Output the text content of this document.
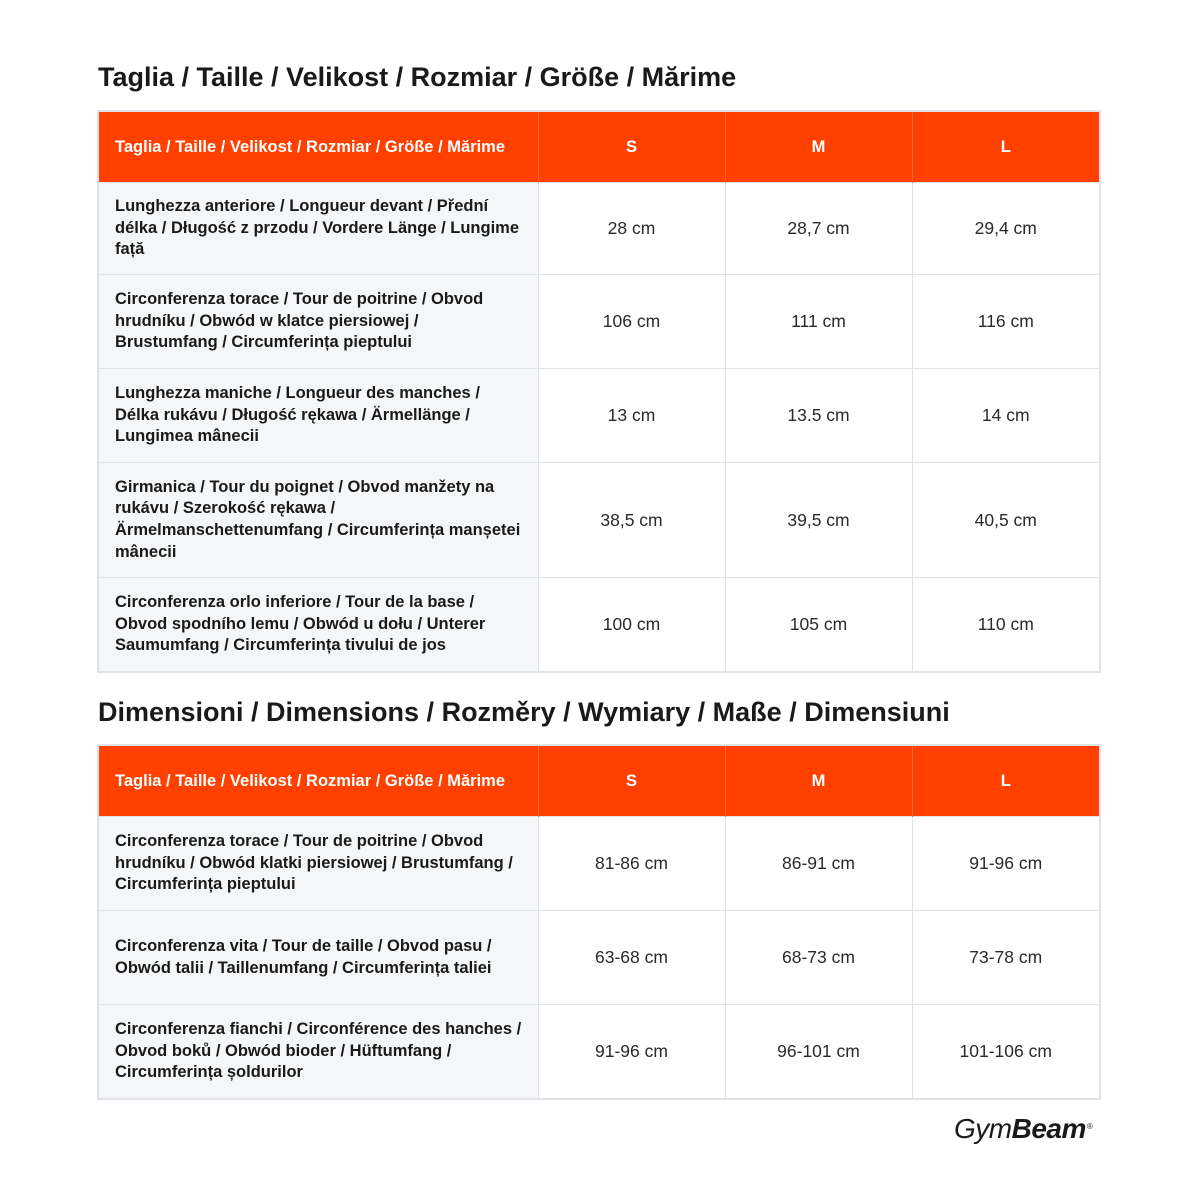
Taglia / Taille / Velikost / Rozmiar / Größe / Mărime
Taglia / Taille / Velikost / Rozmiar / Größe / Mărime	S	M	L
Lunghezza anteriore / Longueur devant / Přední délka / Długość z przodu / Vordere Länge / Lungime față	28 cm	28,7 cm	29,4 cm
Circonferenza torace / Tour de poitrine / Obvod hrudníku / Obwód w klatce piersiowej / Brustumfang / Circumferința pieptului	106 cm	111 cm	116 cm
Lunghezza maniche / Longueur des manches / Délka rukávu / Długość rękawa / Ärmellänge / Lungimea mânecii	13 cm	13.5 cm	14 cm
Girmanica / Tour du poignet / Obvod manžety na rukávu / Szerokość rękawa / Ärmelmanschettenumfang / Circumferința manșetei mânecii	38,5 cm	39,5 cm	40,5 cm
Circonferenza orlo inferiore / Tour de la base / Obvod spodního lemu / Obwód u dołu / Unterer Saumumfang / Circumferința tivului de jos	100 cm	105 cm	110 cm
Dimensioni / Dimensions / Rozměry / Wymiary / Maße / Dimensiuni
Taglia / Taille / Velikost / Rozmiar / Größe / Mărime	S	M	L
Circonferenza torace / Tour de poitrine / Obvod hrudníku / Obwód klatki piersiowej / Brustumfang / Circumferința pieptului	81-86 cm	86-91 cm	91-96 cm
Circonferenza vita / Tour de taille / Obvod pasu / Obwód talii / Taillenumfang / Circumferința taliei	63-68 cm	68-73 cm	73-78 cm
Circonferenza fianchi / Circonférence des hanches / Obvod boků / Obwód bioder / Hüftumfang / Circumferința șoldurilor	91-96 cm	96-101 cm	101-106 cm
GymBeam®
